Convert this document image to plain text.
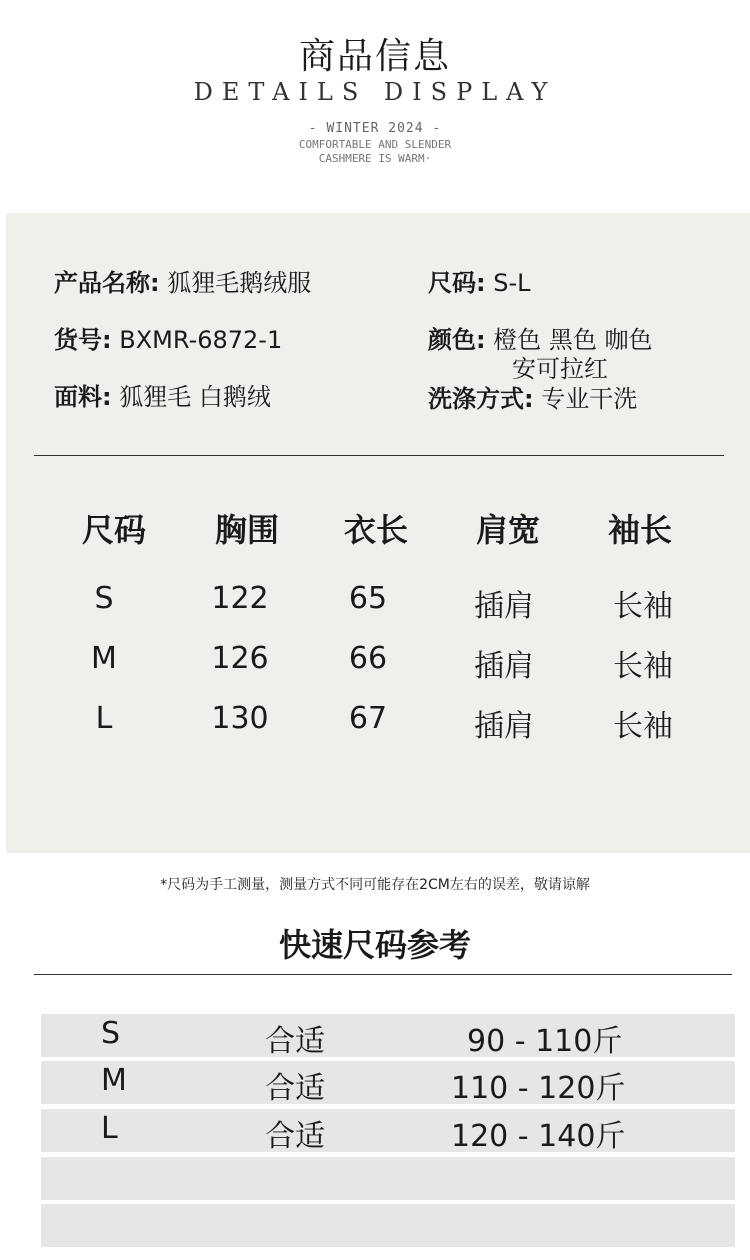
商品信息
DETAILS DISPLAY
- WINTER 2024 -
COMFORTABLE AND SLENDER
CASHMERE IS WARM·
产品名称: 狐狸毛鹅绒服
货号: BXMR-6872-1
面料: 狐狸毛 白鹅绒
尺码: S-L
颜色: 橙色 黑色 咖色
安可拉红
洗涤方式: 专业干洗
尺码	胸围	衣长	肩宽	袖长
S	122	65	插肩	长袖
M	126	66	插肩	长袖
L	130	67	插肩	长袖
*尺码为手工测量，测量方式不同可能存在2CM左右的误差，敬请谅解
快速尺码参考
S	合适	90 - 110斤
M	合适	110 - 120斤
L	合适	120 - 140斤
